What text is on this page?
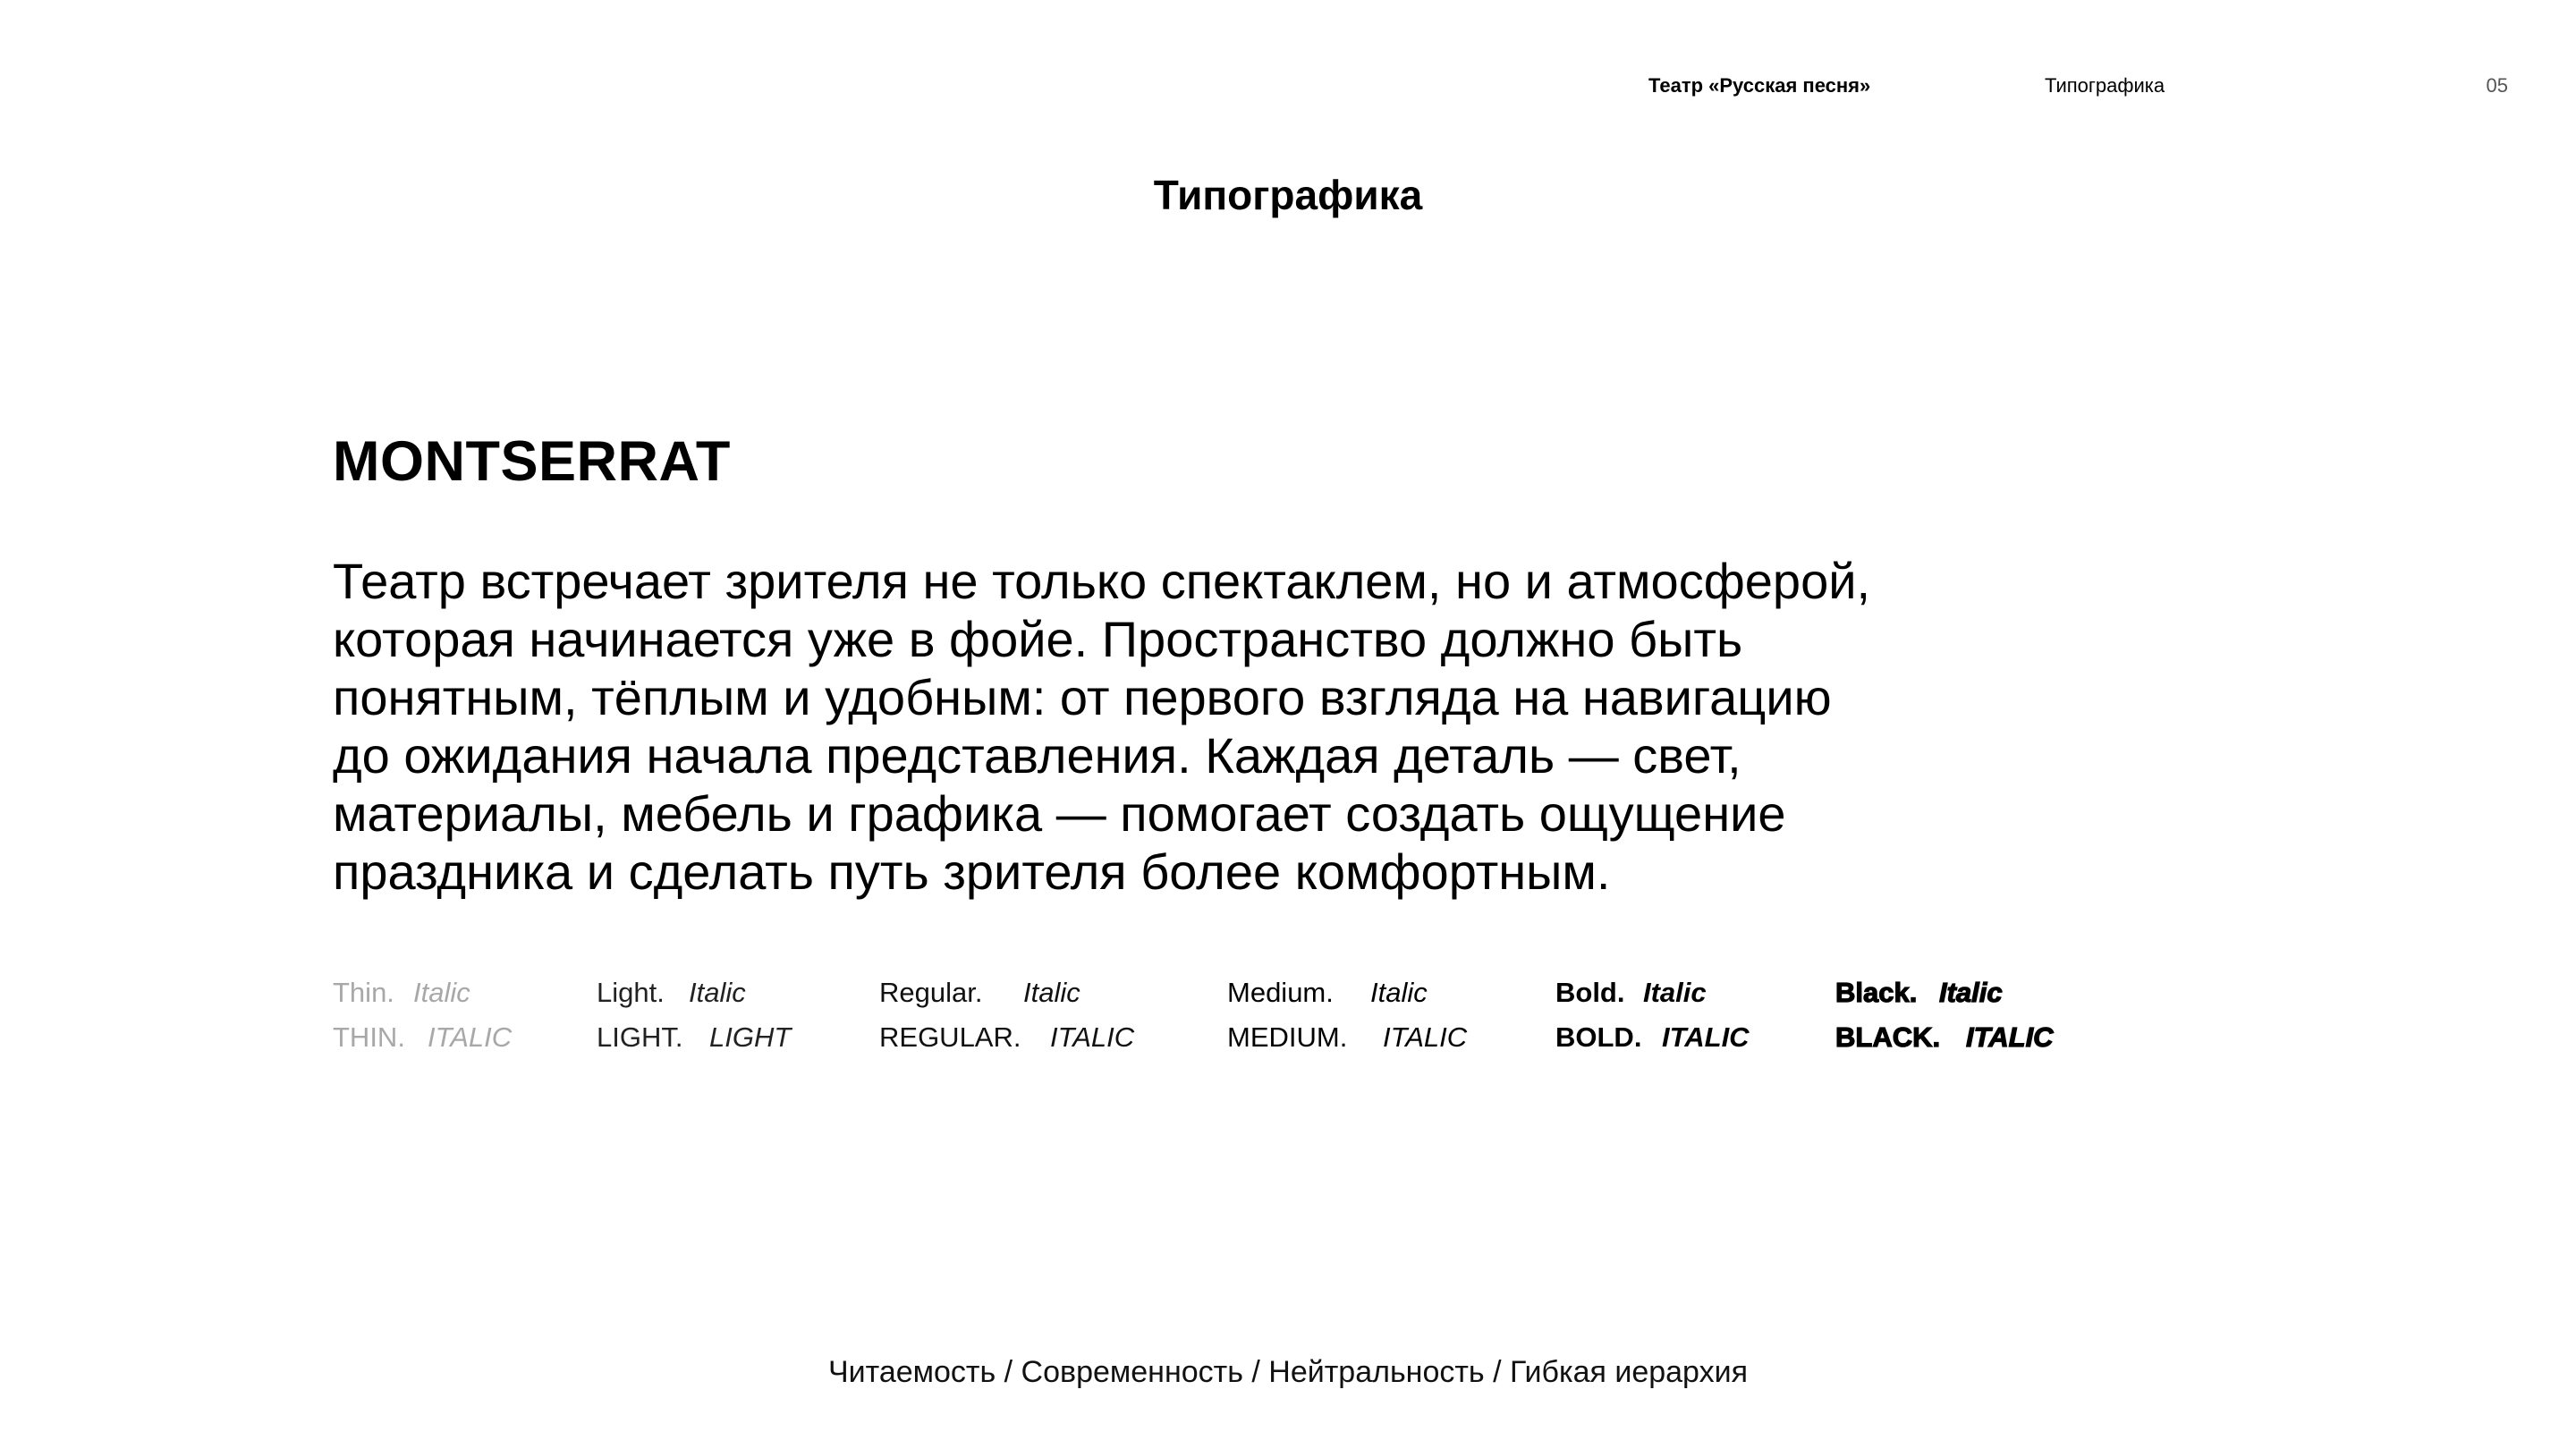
Театр «Русская песня»	Типографика	05
Типографика
MONTSERRAT

Театр встречает зрителя не только спектаклем, но и атмосферой,
которая начинается уже в фойе. Пространство должно быть
понятным, тёплым и удобным: от первого взгляда на навигацию
до ожидания начала представления. Каждая деталь — свет,
материалы, мебель и графика — помогает создать ощущение
праздника и сделать путь зрителя более комфортным.

Thin. Italic	Light. Italic	Regular. Italic	Medium. Italic	Bold. Italic	Black. Italic
THIN. ITALIC	LIGHT. LIGHT	REGULAR. ITALIC	MEDIUM. ITALIC	BOLD. ITALIC	BLACK. ITALIC
Читаемость / Современность / Нейтральность / Гибкая иерархия
